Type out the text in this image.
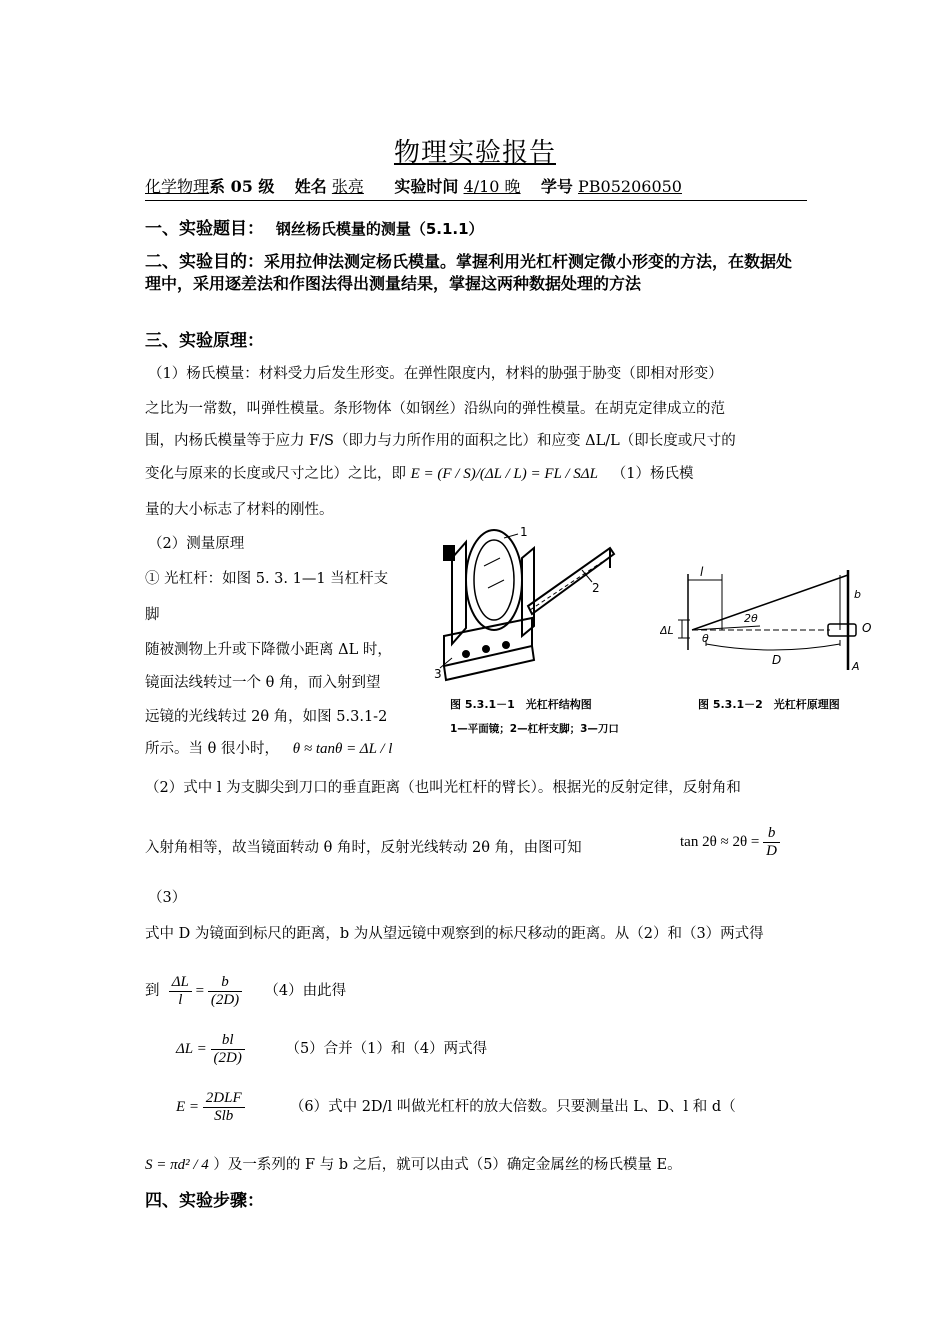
物理实验报告
化学物理系 05 级 姓名 张亮 实验时间 4/10 晚 学号 PB05206050
一、实验题目： 钢丝杨氏模量的测量（5.1.1）
二、实验目的：采用拉伸法测定杨氏模量。掌握利用光杠杆测定微小形变的方法，在数据处理中，采用逐差法和作图法得出测量结果，掌握这两种数据处理的方法
三、实验原理：
（1）杨氏模量：材料受力后发生形变。在弹性限度内，材料的胁强于胁变（即相对形变）
之比为一常数，叫弹性模量。条形物体（如钢丝）沿纵向的弹性模量。在胡克定律成立的范
围，内杨氏模量等于应力 F/S（即力与力所作用的面积之比）和应变 ΔL/L（即长度或尺寸的
变化与原来的长度或尺寸之比）之比，即 E = (F / S)/(ΔL / L) = FL / SΔL （1）杨氏模
量的大小标志了材料的刚性。
（2）测量原理
① 光杠杆：如图 5. 3. 1—1 当杠杆支
脚
随被测物上升或下降微小距离 ΔL 时，
镜面法线转过一个 θ 角，而入射到望
远镜的光线转过 2θ 角，如图 5.3.1-2
所示。当 θ 很小时， θ ≈ tanθ = ΔL / l
1
2
3
图 5.3.1－1　光杠杆结构图
1—平面镜；2—杠杆支脚；3—刀口
l
ΔL
θ
2θ
D
b
O
A
图 5.3.1－2　光杠杆原理图
（2）式中 l 为支脚尖到刀口的垂直距离（也叫光杠杆的臂长）。根据光的反射定律，反射角和
入射角相等，故当镜面转动 θ 角时，反射光线转动 2θ 角，由图可知	$\tan 2\theta \approx 2\theta = \frac{b}{D}$
（3）
式中 D 为镜面到标尺的距离，b 为从望远镜中观察到的标尺移动的距离。从（2）和（3）两式得
到 $\frac{\Delta L}{l} = \frac{b}{(2D)} (4)$由此得
$\Delta L = \frac{bl}{(2D)}$	（5）合并（1）和（4）两式得
$E = \frac{\text{2DLF}}{\text{Slb}}$	（6）式中 2D/l 叫做光杠杆的放大倍数。只要测量出 L、D、l 和 d（
S = πd² / 4 ）及一系列的 F 与 b 之后，就可以由式（5）确定金属丝的杨氏模量 E。
四、实验步骤：
